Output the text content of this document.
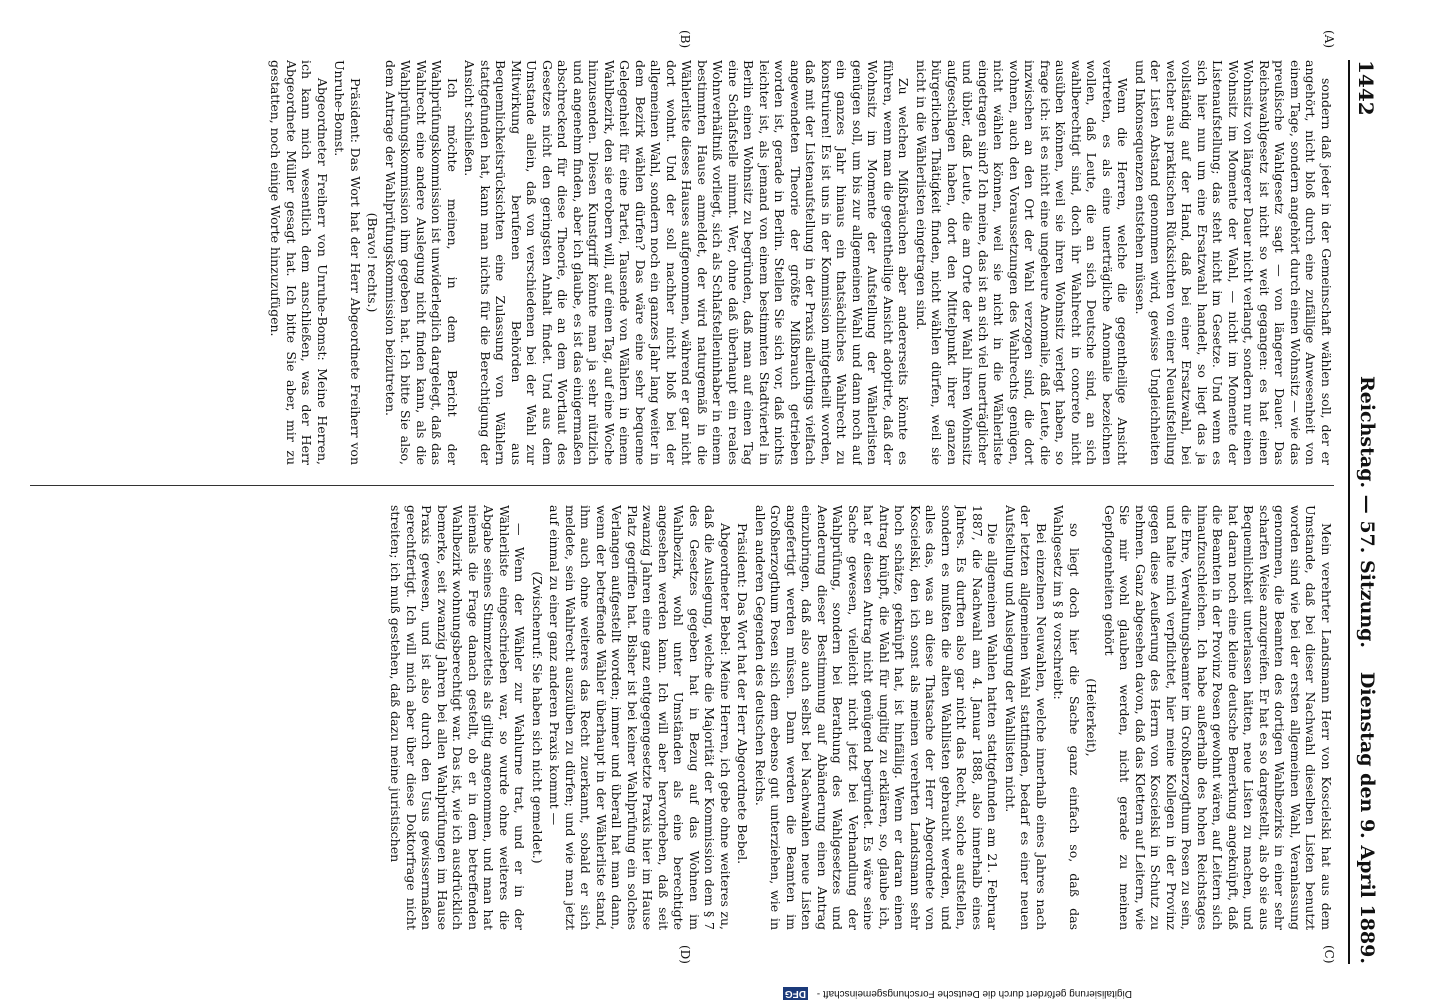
1442
Reichstag. — 57. Sitzung.
Dienstag den 9. April 1889.
(A)
(B)
(C)
(D)

sondern daß jeder in der Gemeinschaft wählen soll, der er angehört, nicht bloß durch eine zufällige Anwesenheit von einem Tage, sondern angehört durch einen Wohnsitz — wie das preußische Wahlgesetz sagt — von längerer Dauer. Das Reichswahlgesetz ist nicht so weit gegangen: es hat einen Wohnsitz von längerer Dauer nicht verlangt, sondern nur einen Wohnsitz im Momente der Wahl, — nicht im Momente der Listenaufstellung; das steht nicht im Gesetze. Und wenn es sich hier nun um eine Ersatzwahl handelt, so liegt das ja vollständig auf der Hand, daß bei einer Ersatzwahl, bei welcher aus praktischen Rücksichten von einer Neuaufstellung der Listen Abstand genommen wird, gewisse Ungleichheiten und Inkonsequenzen entstehen müssen.

Wenn die Herren, welche die gegentheilige Ansicht vertreten, es als eine unerträgliche Anomalie bezeichnen wollen, daß Leute, die an sich Deutsche sind, an sich wahlberechtigt sind, doch ihr Wahlrecht in concreto nicht ausüben können, weil sie ihren Wohnsitz verlegt haben, so frage ich: ist es nicht eine ungeheure Anomalie, daß Leute, die inzwischen an den Ort der Wahl verzogen sind, die dort wohnen, auch den Voraussetzungen des Wahlrechts genügen, nicht wählen können, weil sie nicht in die Wählerliste eingetragen sind? Ich meine, das ist an sich viel unerträglicher und übler, daß Leute, die am Orte der Wahl ihren Wohnsitz aufgeschlagen haben, dort den Mittelpunkt ihrer ganzen bürgerlichen Thätigkeit finden, nicht wählen dürfen, weil sie nicht in die Wählerlisten eingetragen sind.

Zu welchen Mißbräuchen aber andererseits könnte es führen, wenn man die gegentheilige Ansicht adoptirte, daß der Wohnsitz im Momente der Aufstellung der Wählerlisten genügen soll, um bis zur allgemeinen Wahl und dann noch auf ein ganzes Jahr hinaus ein thatsächliches Wahlrecht zu konstruiren! Es ist uns in der Kommission mitgetheilt worden, daß mit der Listenaufstellung in der Praxis allerdings vielfach angewendeten Theorie der größte Mißbrauch getrieben worden ist, gerade in Berlin. Stellen Sie sich vor, daß nichts leichter ist, als jemand von einem bestimmten Stadtviertel in Berlin einen Wohnsitz zu begründen, daß man auf einen Tag eine Schlafstelle nimmt. Wer, ohne daß überhaupt ein reales Wohnverhältniß vorliegt, sich als Schlafstelleninhaber in einem bestimmten Hause anmeldet, der wird naturgemäß in die Wählerliste dieses Hauses aufgenommen, während er gar nicht dort wohnt. Und der soll nachher nicht bloß bei der allgemeinen Wahl, sondern noch ein ganzes Jahr lang weiter in dem Bezirk wählen dürfen? Das wäre eine sehr bequeme Gelegenheit für eine Partei, Tausende von Wählern in einem Wahlbezirk, den sie erobern will, auf einen Tag, auf eine Woche hinzusenden. Diesen Kunstgriff könnte man ja sehr nützlich und angenehm finden, aber ich glaube, es ist das einigermaßen abschreckend für diese Theorie, die an dem Wortlaut des Gesetzes nicht den geringsten Anhalt findet. Und aus dem Umstande allein, daß von verschiedenen bei der Wahl zur Mitwirkung berufenen Behörden aus Bequemlichkeitsrücksichten eine Zulassung von Wählern stattgefunden hat, kann man nichts für die Berechtigung der Ansicht schließen.

Ich möchte meinen, in dem Bericht der Wahlprüfungskommission ist unwiderleglich dargelegt, daß das Wahlrecht eine andere Auslegung nicht finden kann, als die Wahlprüfungskommission ihm gegeben hat. Ich bitte Sie also, dem Antrage der Wahlprüfungskommission beizutreten.

(Bravo! rechts.)

Präsident: Das Wort hat der Herr Abgeordnete Freiherr von Unruhe-Bomst.

Abgeordneter Freiherr von Unruhe-Bomst: Meine Herren, ich kann mich wesentlich dem anschließen, was der Herr Abgeordnete Müller gesagt hat. Ich bitte Sie aber, mir zu gestatten, noch einige Worte hinzuzufügen.

Mein verehrter Landsmann Herr von Koscielski hat aus dem Umstande, daß bei dieser Nachwahl dieselben Listen benutzt worden sind wie bei der ersten allgemeinen Wahl, Veranlassung genommen, die Beamten des dortigen Wahlbezirks in einer sehr scharfen Weise anzugreifen. Er hat es so dargestellt, als ob sie aus Bequemlichkeit unterlassen hätten, neue Listen zu machen, und hat daran noch eine kleine deutsche Bemerkung angeknüpft, daß die Beamten in der Provinz Posen gewohnt wären, auf Leitern sich hinaufzuschleichen. Ich habe außerhalb des hohen Reichstages die Ehre, Verwaltungsbeamter im Großherzogthum Posen zu sein, und halte mich verpflichtet, hier meine Kollegen in der Provinz gegen diese Aeußerung des Herrn von Koscielski in Schutz zu nehmen. Ganz abgesehen davon, daß das Klettern auf Leitern, wie Sie mir wohl glauben werden, nicht gerade zu meinen Gepflogenheiten gehört

(Heiterkeit),

so liegt doch hier die Sache ganz einfach so, daß das Wahlgesetz im § 8 vorschreibt:

Bei einzelnen Neuwahlen, welche innerhalb eines Jahres nach der letzten allgemeinen Wahl stattfinden, bedarf es einer neuen Aufstellung und Auslegung der Wahllisten nicht.

Die allgemeinen Wahlen hatten stattgefunden am 21. Februar 1887, die Nachwahl am 4. Januar 1888, also innerhalb eines Jahres. Es durften also gar nicht das Recht, solche aufstellen, sondern es mußten die alten Wahllisten gebraucht werden, und alles das, was an diese Thatsache der Herr Abgeordnete von Koscielski, den ich sonst als meinen verehrten Landsmann sehr hoch schätze, geknüpft hat, ist hinfällig. Wenn er daran einen Antrag knüpft, die Wahl für ungiltig zu erklären, so, glaube ich, hat er diesen Antrag nicht genügend begründet. Es wäre seine Sache gewesen, vielleicht nicht jetzt bei Verhandlung der Wahlprüfung, sondern bei Berathung des Wahlgesetzes und Aenderung dieser Bestimmung auf Abänderung einen Antrag einzubringen, daß also auch selbst bei Nachwahlen neue Listen angefertigt werden müssen. Dann werden die Beamten im Großherzogthum Posen sich dem ebenso gut unterziehen, wie in allen anderen Gegenden des deutschen Reichs.

Präsident: Das Wort hat der Herr Abgeordnete Bebel.

Abgeordneter Bebel: Meine Herren, ich gebe ohne weiteres zu, daß die Auslegung, welche die Majorität der Kommission dem § 7 des Gesetzes gegeben hat in Bezug auf das Wohnen im Wahlbezirk, wohl unter Umständen als eine berechtigte angesehen werden kann. Ich will aber hervorheben, daß seit zwanzig Jahren eine ganz entgegengesetzte Praxis hier im Hause Platz gegriffen hat. Bisher ist bei keiner Wahlprüfung ein solches Verlangen aufgestellt worden; immer und überall hat man dann, wenn der betreffende Wähler überhaupt in der Wählerliste stand, ihm auch ohne weiteres das Recht zuerkannt, sobald er sich meldete, sein Wahlrecht auszuüben zu dürfen; und wie man jetzt auf einmal zu einer ganz anderen Praxis kommt —

(Zwischenruf: Sie haben sich nicht gemeldet.)

— Wenn der Wähler zur Wahlurne trat, und er in der Wählerliste eingeschrieben war, so wurde ohne weiteres die Abgabe seines Stimmzettels als giltig angenommen, und man hat niemals die Frage danach gestellt, ob er in dem betreffenden Wahlbezirk wohnungsberechtigt war. Das ist, wie ich ausdrücklich bemerke, seit zwanzig Jahren bei allen Wahlprüfungen im Hause Praxis gewesen, und ist also durch den Usus gewissermaßen gerechtfertigt. Ich will mich aber über diese Doktorfrage nicht streiten; ich muß gestehen, daß dazu meine juristischen

Digitalisierung gefördert durch die Deutsche Forschungsgemeinschaft - DFG
